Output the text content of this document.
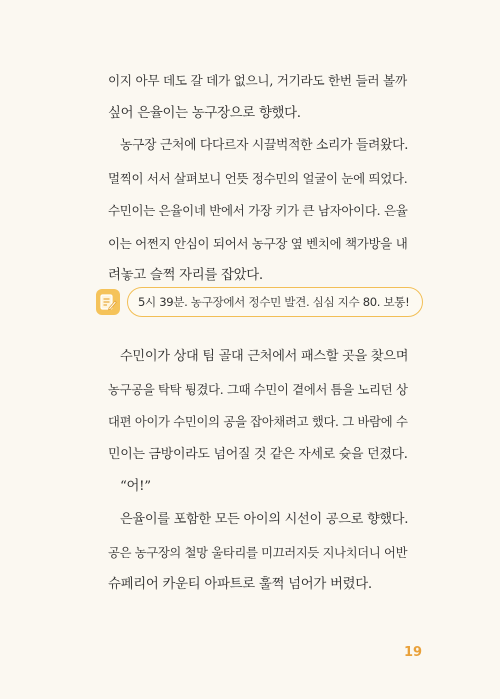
이지 아무 데도 갈 데가 없으니, 거기라도 한번 들러 볼까
싶어 은율이는 농구장으로 향했다.

농구장 근처에 다다르자 시끌벅적한 소리가 들려왔다.
멀찍이 서서 살펴보니 언뜻 정수민의 얼굴이 눈에 띄었다.
수민이는 은율이네 반에서 가장 키가 큰 남자아이다. 은율
이는 어쩐지 안심이 되어서 농구장 옆 벤치에 책가방을 내
려놓고 슬쩍 자리를 잡았다.

5시 39분. 농구장에서 정수민 발견. 심심 지수 80. 보통!

수민이가 상대 팀 골대 근처에서 패스할 곳을 찾으며
농구공을 탁탁 튕겼다. 그때 수민이 곁에서 틈을 노리던 상
대편 아이가 수민이의 공을 잡아채려고 했다. 그 바람에 수
민이는 금방이라도 넘어질 것 같은 자세로 슛을 던졌다.

“어!”

은율이를 포함한 모든 아이의 시선이 공으로 향했다.
공은 농구장의 철망 울타리를 미끄러지듯 지나치더니 어반
슈페리어 카운티 아파트로 훌쩍 넘어가 버렸다.

19
